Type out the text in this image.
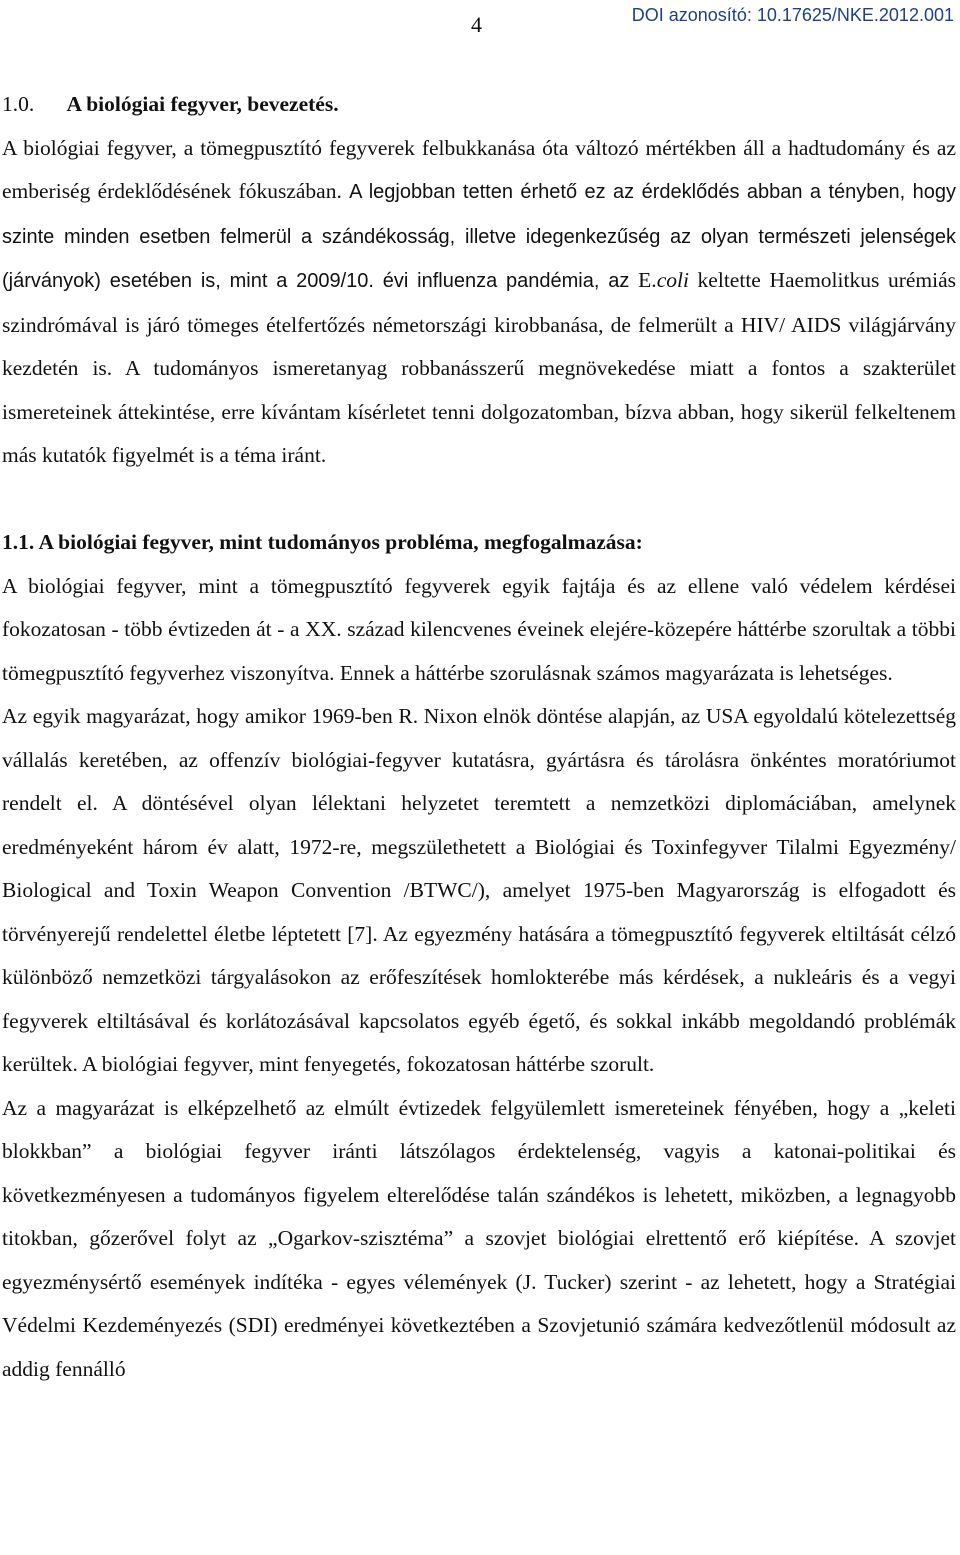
4	DOI azonosító: 10.17625/NKE.2012.001

1.0. A biológiai fegyver, bevezetés.

A biológiai fegyver, a tömegpusztító fegyverek felbukkanása óta változó mértékben áll a hadtudomány és az emberiség érdeklődésének fókuszában. A legjobban tetten érhető ez az érdeklődés abban a tényben, hogy szinte minden esetben felmerül a szándékosság, illetve idegenkezűség az olyan természeti jelenségek (járványok) esetében is, mint a 2009/10. évi influenza pandémia, az E.coli keltette Haemolitkus urémiás szindrómával is járó tömeges ételfertőzés németországi kirobbanása, de felmerült a HIV/ AIDS világjárvány kezdetén is. A tudományos ismeretanyag robbanásszerű megnövekedése miatt a fontos a szakterület ismereteinek áttekintése, erre kívántam kísérletet tenni dolgozatomban, bízva abban, hogy sikerül felkeltenem más kutatók figyelmét is a téma iránt.

1.1. A biológiai fegyver, mint tudományos probléma, megfogalmazása:

A biológiai fegyver, mint a tömegpusztító fegyverek egyik fajtája és az ellene való védelem kérdései fokozatosan - több évtizeden át - a XX. század kilencvenes éveinek elejére-közepére háttérbe szorultak a többi tömegpusztító fegyverhez viszonyítva. Ennek a háttérbe szorulásnak számos magyarázata is lehetséges.

Az egyik magyarázat, hogy amikor 1969-ben R. Nixon elnök döntése alapján, az USA egyoldalú kötelezettség vállalás keretében, az offenzív biológiai-fegyver kutatásra, gyártásra és tárolásra önkéntes moratóriumot rendelt el. A döntésével olyan lélektani helyzetet teremtett a nemzetközi diplomáciában, amelynek eredményeként három év alatt, 1972-re, megszülethetett a Biológiai és Toxinfegyver Tilalmi Egyezmény/ Biological and Toxin Weapon Convention /BTWC/), amelyet 1975-ben Magyarország is elfogadott és törvényerejű rendelettel életbe léptetett [7]. Az egyezmény hatására a tömegpusztító fegyverek eltiltását célzó különböző nemzetközi tárgyalásokon az erőfeszítések homlokterébe más kérdések, a nukleáris és a vegyi fegyverek eltiltásával és korlátozásával kapcsolatos egyéb égető, és sokkal inkább megoldandó problémák kerültek. A biológiai fegyver, mint fenyegetés, fokozatosan háttérbe szorult.

Az a magyarázat is elképzelhető az elmúlt évtizedek felgyülemlett ismereteinek fényében, hogy a „keleti blokkban” a biológiai fegyver iránti látszólagos érdektelenség, vagyis a katonai-politikai és következményesen a tudományos figyelem elterelődése talán szándékos is lehetett, miközben, a legnagyobb titokban, gőzerővel folyt az „Ogarkov-szisztéma” a szovjet biológiai elrettentő erő kiépítése. A szovjet egyezménysértő események indítéka - egyes vélemények (J. Tucker) szerint - az lehetett, hogy a Stratégiai Védelmi Kezdeményezés (SDI) eredményei következtében a Szovjetunió számára kedvezőtlenül módosult az addig fennálló
